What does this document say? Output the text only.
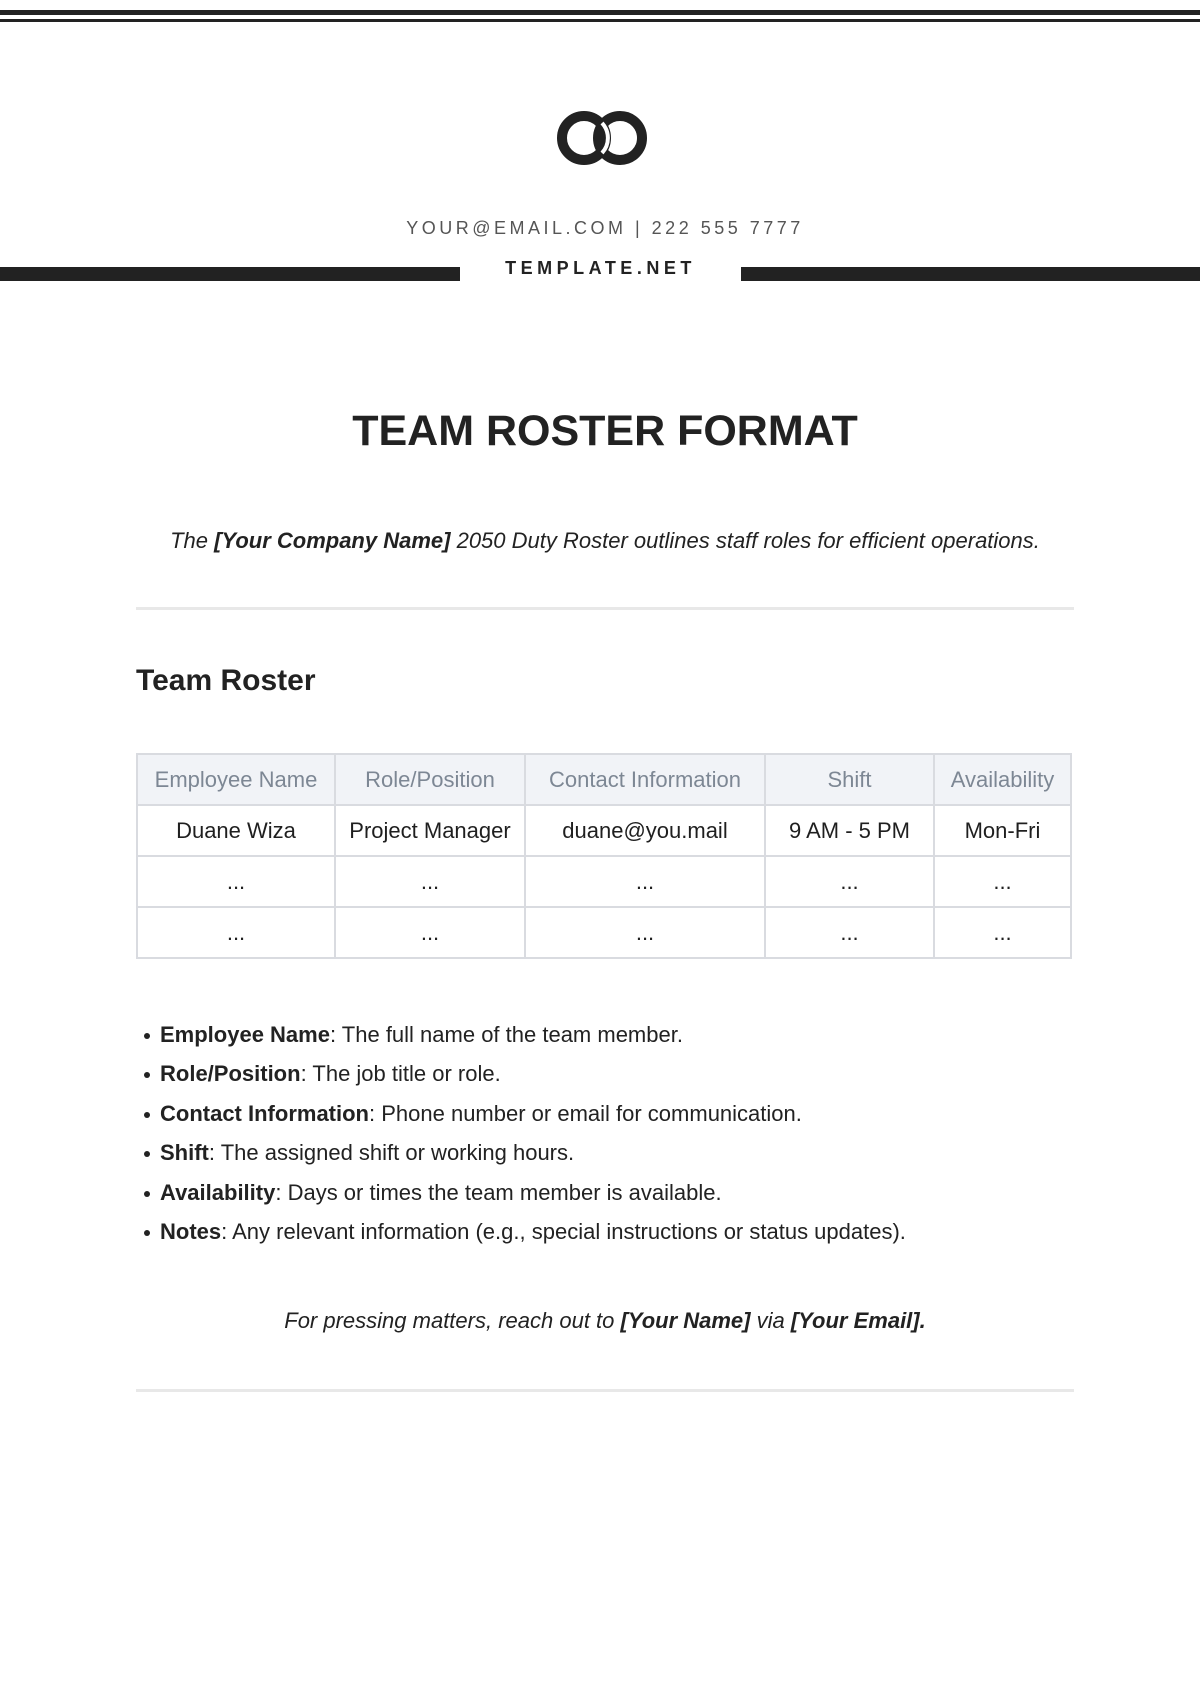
YOUR@EMAIL.COM | 222 555 7777
TEMPLATE.NET
TEAM ROSTER FORMAT

The [Your Company Name] 2050 Duty Roster outlines staff roles for efficient operations.

Team Roster
Employee Name	Role/Position	Contact Information	Shift	Availability
Duane Wiza	Project Manager	duane@you.mail	9 AM - 5 PM	Mon-Fri
...	...	...	...	...
...	...	...	...	...
Employee Name: The full name of the team member.
Role/Position: The job title or role.
Contact Information: Phone number or email for communication.
Shift: The assigned shift or working hours.
Availability: Days or times the team member is available.
Notes: Any relevant information (e.g., special instructions or status updates).

For pressing matters, reach out to [Your Name] via [Your Email].
